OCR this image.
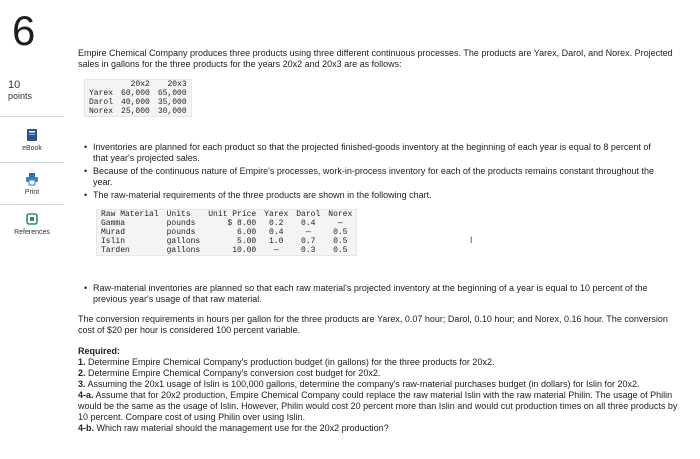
6
10
points
eBook
Print
References
Empire Chemical Company produces three products using three different continuous processes. The products are Yarex, Darol, and Norex. Projected sales in gallons for the three products for the years 20x2 and 20x3 are as follows:
	20x2	20x3
Yarex	60,000	65,000
Darol	40,000	35,000
Norex	25,000	30,000
• Inventories are planned for each product so that the projected finished-goods inventory at the beginning of each year is equal to 8 percent of that year's projected sales.
• Because of the continuous nature of Empire's processes, work-in-process inventory for each of the products remains constant throughout the year.
• The raw-material requirements of the three products are shown in the following chart.
Raw Material	Units	Unit Price	Yarex	Darol	Norex
Gamma	pounds	$ 8.00	0.2	0.4	—
Murad	pounds	6.00	0.4	—	0.5
Islin	gallons	5.00	1.0	0.7	0.5
Tarden	gallons	10.00	—	0.3	0.5
I
• Raw-material inventories are planned so that each raw material's projected inventory at the beginning of a year is equal to 10 percent of the previous year's usage of that raw material.
The conversion requirements in hours per gallon for the three products are Yarex, 0.07 hour; Darol, 0.10 hour; and Norex, 0.16 hour. The conversion cost of $20 per hour is considered 100 percent variable.
Required:
1. Determine Empire Chemical Company's production budget (in gallons) for the three products for 20x2.
2. Determine Empire Chemical Company's conversion cost budget for 20x2.
3. Assuming the 20x1 usage of Islin is 100,000 gallons, determine the company's raw-material purchases budget (in dollars) for Islin for 20x2.
4-a. Assume that for 20x2 production, Empire Chemical Company could replace the raw material Islin with the raw material Philin. The usage of Philin would be the same as the usage of Islin. However, Philin would cost 20 percent more than Islin and would cut production times on all three products by 10 percent. Compare cost of using Philin over using Islin.
4-b. Which raw material should the management use for the 20x2 production?
